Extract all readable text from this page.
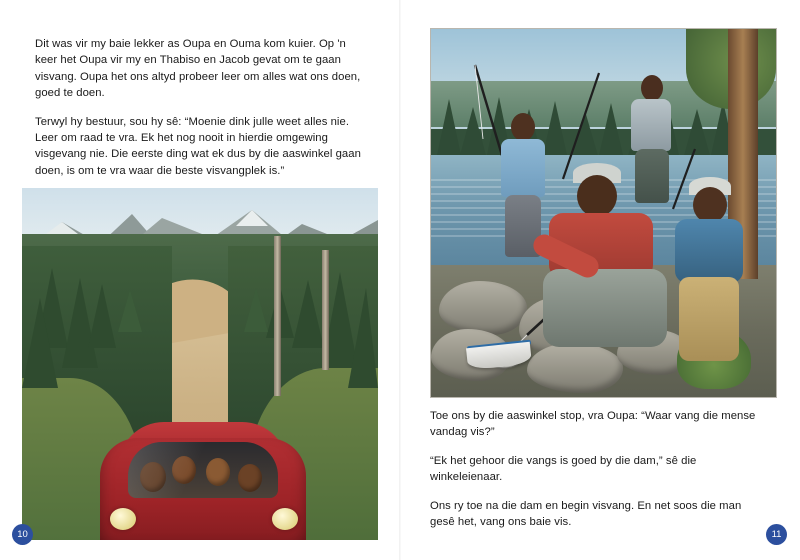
Dit was vir my baie lekker as Oupa en Ouma kom kuier. Op 'n keer het Oupa vir my en Thabiso en Jacob gevat om te gaan visvang. Oupa het ons altyd probeer leer om alles wat ons doen, goed te doen.

Terwyl hy bestuur, sou hy sê: “Moenie dink julle weet alles nie. Leer om raad te vra. Ek het nog nooit in hierdie omgewing visgevang nie. Die eerste ding wat ek dus by die aaswinkel gaan doen, is om te vra waar die beste visvangplek is.”

Toe ons by die aaswinkel stop, vra Oupa: “Waar vang die mense vandag vis?”

“Ek het gehoor die vangs is goed by die dam,” sê die winkeleienaar.

Ons ry toe na die dam en begin visvang. En net soos die man gesê het, vang ons baie vis.

10	11
